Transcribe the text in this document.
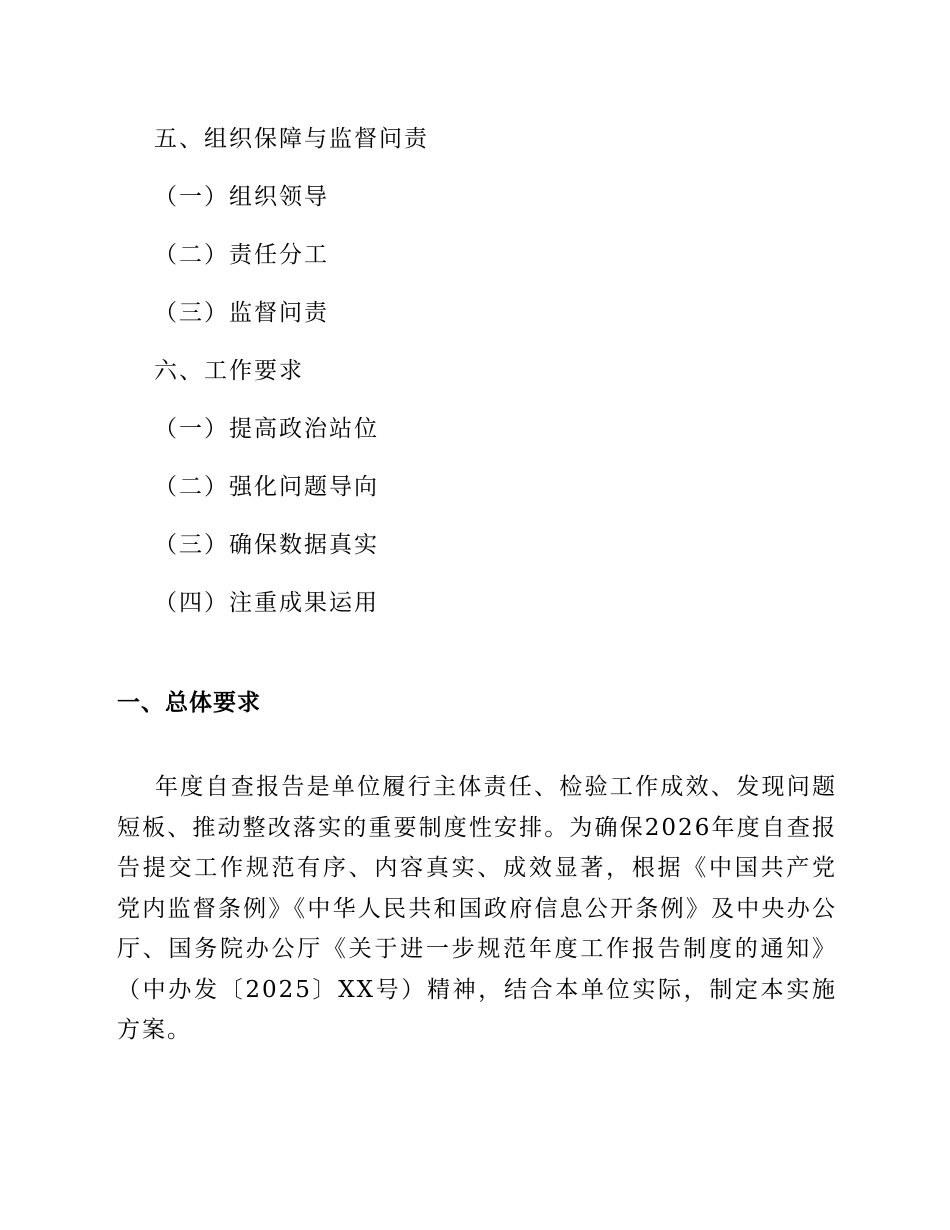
五、组织保障与监督问责
（一）组织领导
（二）责任分工
（三）监督问责
六、工作要求
（一）提高政治站位
（二）强化问题导向
（三）确保数据真实
（四）注重成果运用
一、总体要求
年度自查报告是单位履行主体责任、检验工作成效、发现问题短板、推动整改落实的重要制度性安排。为确保2026年度自查报告提交工作规范有序、内容真实、成效显著，根据《中国共产党党内监督条例》《中华人民共和国政府信息公开条例》及中央办公厅、国务院办公厅《关于进一步规范年度工作报告制度的通知》（中办发〔2025〕XX号）精神，结合本单位实际，制定本实施方案。
